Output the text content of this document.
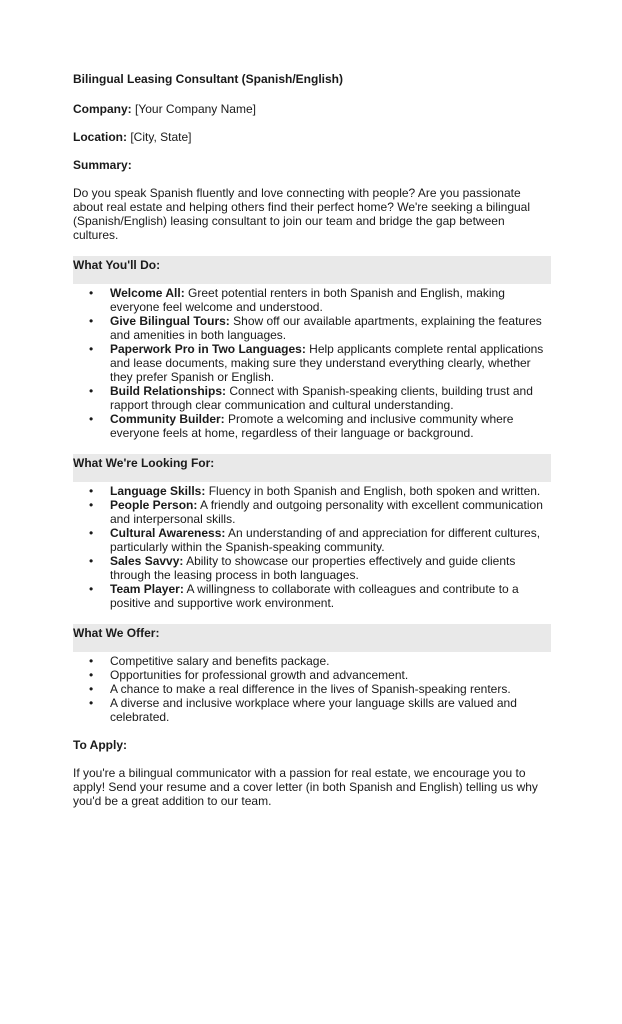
Bilingual Leasing Consultant (Spanish/English)
Company: [Your Company Name]
Location: [City, State]
Summary:
Do you speak Spanish fluently and love connecting with people? Are you passionate about real estate and helping others find their perfect home? We're seeking a bilingual (Spanish/English) leasing consultant to join our team and bridge the gap between cultures.
What You'll Do:
• Welcome All: Greet potential renters in both Spanish and English, making everyone feel welcome and understood.
• Give Bilingual Tours: Show off our available apartments, explaining the features and amenities in both languages.
• Paperwork Pro in Two Languages: Help applicants complete rental applications and lease documents, making sure they understand everything clearly, whether they prefer Spanish or English.
• Build Relationships: Connect with Spanish-speaking clients, building trust and rapport through clear communication and cultural understanding.
• Community Builder: Promote a welcoming and inclusive community where everyone feels at home, regardless of their language or background.
What We're Looking For:
• Language Skills: Fluency in both Spanish and English, both spoken and written.
• People Person: A friendly and outgoing personality with excellent communication and interpersonal skills.
• Cultural Awareness: An understanding of and appreciation for different cultures, particularly within the Spanish-speaking community.
• Sales Savvy: Ability to showcase our properties effectively and guide clients through the leasing process in both languages.
• Team Player: A willingness to collaborate with colleagues and contribute to a positive and supportive work environment.
What We Offer:
• Competitive salary and benefits package.
• Opportunities for professional growth and advancement.
• A chance to make a real difference in the lives of Spanish-speaking renters.
• A diverse and inclusive workplace where your language skills are valued and celebrated.
To Apply:
If you're a bilingual communicator with a passion for real estate, we encourage you to apply! Send your resume and a cover letter (in both Spanish and English) telling us why you'd be a great addition to our team.
